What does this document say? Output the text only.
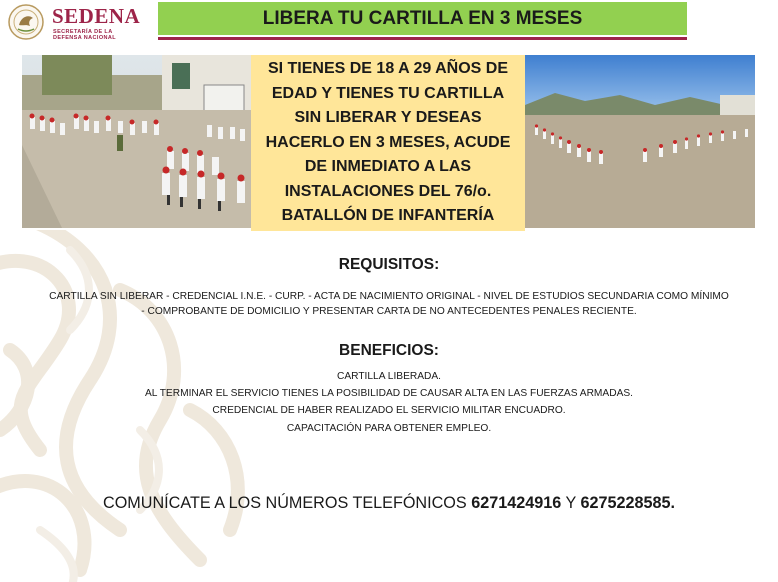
SEDENA
SECRETARÍA DE LA
DEFENSA NACIONAL
LIBERA TU CARTILLA EN 3 MESES
SI TIENES DE 18 A 29 AÑOS DE EDAD Y TIENES TU CARTILLA SIN LIBERAR Y DESEAS HACERLO EN 3 MESES, ACUDE DE INMEDIATO A LAS INSTALACIONES DEL 76/o. BATALLÓN DE INFANTERÍA
REQUISITOS:
CARTILLA SIN LIBERAR - CREDENCIAL I.N.E. - CURP. - ACTA DE NACIMIENTO ORIGINAL - NIVEL DE ESTUDIOS SECUNDARIA COMO MÍNIMO
- COMPROBANTE DE DOMICILIO Y PRESENTAR CARTA DE NO ANTECEDENTES PENALES RECIENTE.
BENEFICIOS:
CARTILLA LIBERADA.
AL TERMINAR EL SERVICIO TIENES LA POSIBILIDAD DE CAUSAR ALTA EN LAS FUERZAS ARMADAS.
CREDENCIAL DE HABER REALIZADO EL SERVICIO MILITAR ENCUADRO.
CAPACITACIÓN PARA OBTENER EMPLEO.
COMUNÍCATE A LOS NÚMEROS TELEFÓNICOS 6271424916 Y 6275228585.
